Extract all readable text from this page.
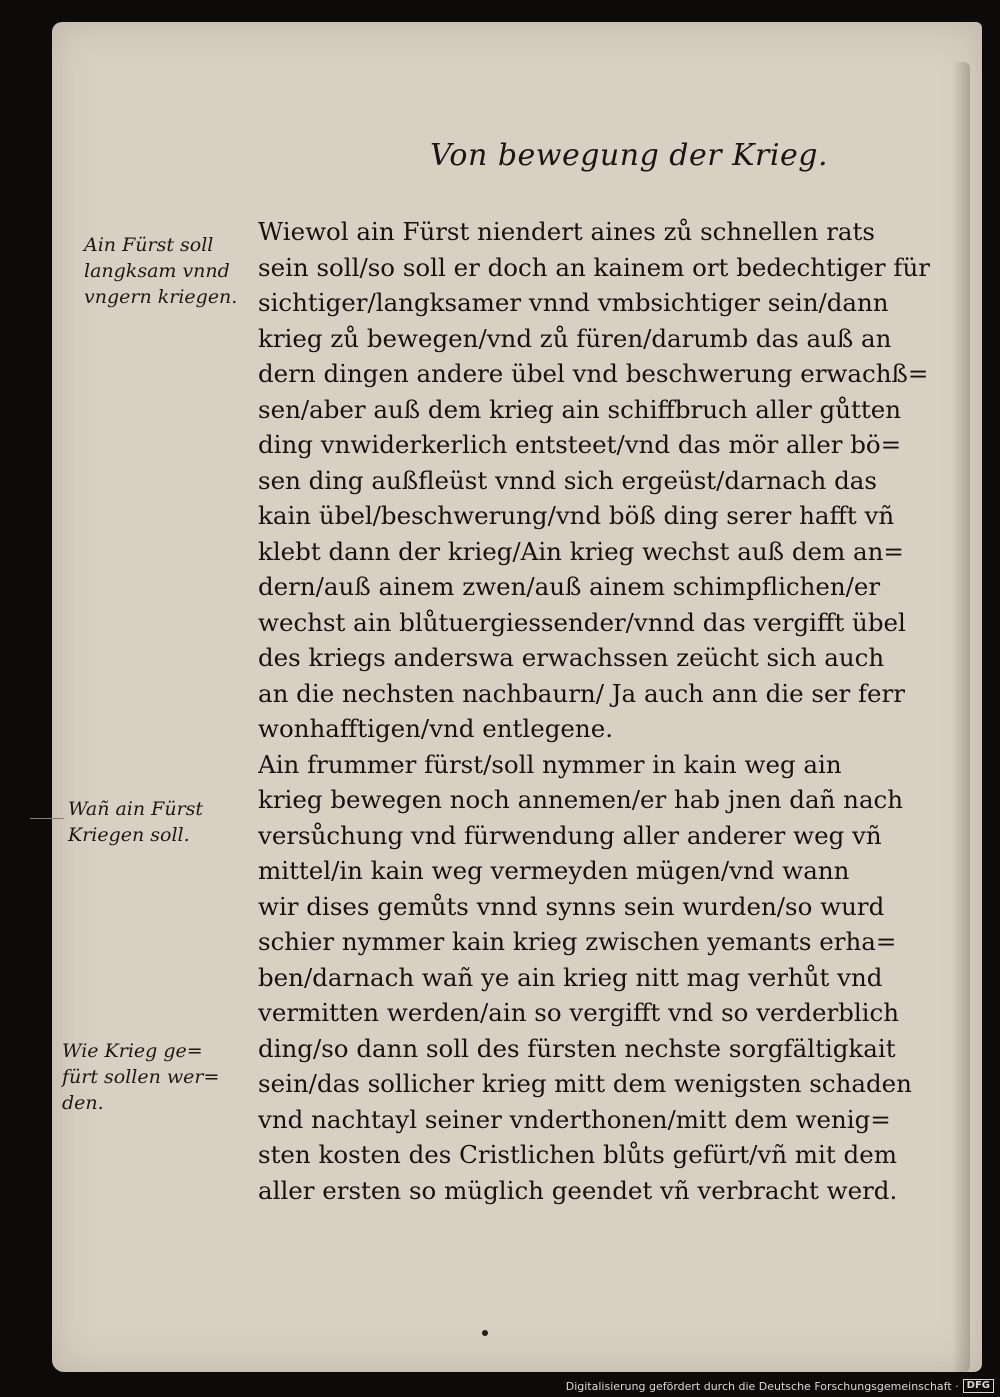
Von bewegung der Krieg.
Ain Fürst soll
langksam vnnd
vngern kriegen.
Wañ ain Fürst
Kriegen soll.
Wie Krieg ge=
fürt sollen wer=
den.
Wiewol ain Fürst niendert aines zů schnellen rats
sein soll/so soll er doch an kainem ort bedechtiger für
sichtiger/langksamer vnnd vmbsichtiger sein/dann
krieg zů bewegen/vnd zů füren/darumb das auß an
dern dingen andere übel vnd beschwerung erwachß=
sen/aber auß dem krieg ain schiffbruch aller gůtten
ding vnwiderkerlich entsteet/vnd das mör aller bö=
sen ding außfleüst vnnd sich ergeüst/darnach das
kain übel/beschwerung/vnd böß ding serer hafft vñ
klebt dann der krieg/Ain krieg wechst auß dem an=
dern/auß ainem zwen/auß ainem schimpflichen/er
wechst ain blůtuergiessender/vnnd das vergifft übel
des kriegs anderswa erwachssen zeücht sich auch
an die nechsten nachbaurn/ Ja auch ann die ser ferr
wonhafftigen/vnd entlegene.
Ain frummer fürst/soll nymmer in kain weg ain
krieg bewegen noch annemen/er hab jnen dañ nach
versůchung vnd fürwendung aller anderer weg vñ
mittel/in kain weg vermeyden mügen/vnd wann
wir dises gemůts vnnd synns sein wurden/so wurd
schier nymmer kain krieg zwischen yemants erha=
ben/darnach wañ ye ain krieg nitt mag verhůt vnd
vermitten werden/ain so vergifft vnd so verderblich
ding/so dann soll des fürsten nechste sorgfältigkait
sein/das sollicher krieg mitt dem wenigsten schaden
vnd nachtayl seiner vnderthonen/mitt dem wenig=
sten kosten des Cristlichen blůts gefürt/vñ mit dem
aller ersten so müglich geendet vñ verbracht werd.
Digitalisierung gefördert durch die Deutsche Forschungsgemeinschaft · DFG
